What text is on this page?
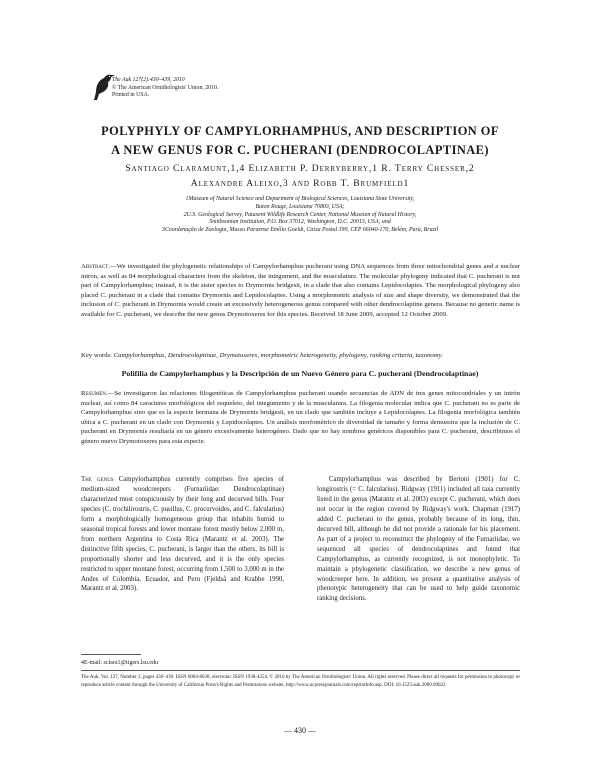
The Auk 127(2):430–439, 2010
© The American Ornithologists' Union, 2010.
Printed in USA.
POLYPHYLY OF CAMPYLORHAMPHUS, AND DESCRIPTION OF
A NEW GENUS FOR C. PUCHERANI (DENDROCOLAPTINAE)
Santiago Claramunt,1,4 Elizabeth P. Derryberry,1 R. Terry Chesser,2
Alexandre Aleixo,3 and Robb T. Brumfield1
1Museum of Natural Science and Department of Biological Sciences, Louisiana State University,
Baton Rouge, Louisiana 70803, USA;
2U.S. Geological Survey, Patuxent Wildlife Research Center, National Museum of Natural History,
Smithsonian Institution, P.O. Box 37012, Washington, D.C. 20013, USA; and
3Coordenação de Zoologia, Museu Paraense Emílio Goeldi, Caixa Postal 399, CEP 66040-170, Belém, Pará, Brazil
Abstract.—We investigated the phylogenetic relationships of Campylorhamphus pucherani using DNA sequences from three mitochondrial genes and a nuclear intron, as well as 84 morphological characters from the skeleton, the integument, and the musculature. The molecular phylogeny indicated that C. pucherani is not part of Campylorhamphus; instead, it is the sister species to Drymornis bridgesii, in a clade that also contains Lepidocolaptes. The morphological phylogeny also placed C. pucherani in a clade that contains Drymornis and Lepidocolaptes. Using a morphometric analysis of size and shape diversity, we demonstrated that the inclusion of C. pucherani in Drymornis would create an excessively heterogeneous genus compared with other dendrocolaptine genera. Because no generic name is available for C. pucherani, we describe the new genus Drymotoxeres for this species. Received 18 June 2009, accepted 12 October 2009.
Key words: Campylorhamphus, Dendrocolaptinae, Drymotoxeres, morphometric heterogeneity, phylogeny, ranking criteria, taxonomy.
Polifilia de Campylorhamphus y la Descripción de un Nuevo Género para C. pucherani (Dendrocolaptinae)
Resumen.—Se investigaron las relaciones filogenéticas de Campylorhamphus pucherani usando secuencias de ADN de tres genes mitocondriales y un intrón nuclear, así como 84 caracteres morfológicos del esqueleto, del integumento y de la musculatura. La filogenia molecular indica que C. pucherani no es parte de Campylorhamphus sino que es la especie hermana de Drymornis bridgesii, en un clado que también incluye a Lepidocolaptes. La filogenia morfológica también ubica a C. pucherani en un clado con Drymornis y Lepidocolaptes. Un análisis morfométrico de diversidad de tamaño y forma demuestra que la inclusión de C. pucherani en Drymornis resultaría en un género excesivamente heterogéneo. Dado que no hay nombres genéricos disponibles para C. pucherani, describimos el género nuevo Drymotoxeres para esta especie.
The genus Campylorhamphus currently comprises five species of medium-sized woodcreepers (Furnariidae: Dendrocolaptinae) characterized most conspicuously by their long and decurved bills. Four species (C. trochilirostris, C. pusillus, C. procurvoides, and C. falcularius) form a morphologically homogeneous group that inhabits humid to seasonal tropical forests and lower montane forest mostly below 2,000 m, from northern Argentina to Costa Rica (Marantz et al. 2003). The distinctive fifth species, C. pucherani, is larger than the others, its bill is proportionally shorter and less decurved, and it is the only species restricted to upper montane forest, occurring from 1,500 to 3,000 m in the Andes of Colombia, Ecuador, and Peru (Fjeldså and Krabbe 1990, Marantz et al. 2003).
Campylorhamphus was described by Bertoni (1901) for C. longirostris (= C. falcularius). Ridgway (1911) included all taxa currently listed in the genus (Marantz et al. 2003) except C. pucherani, which does not occur in the region covered by Ridgway's work. Chapman (1917) added C. pucherani to the genus, probably because of its long, thin, decurved bill, although he did not provide a rationale for his placement. As part of a project to reconstruct the phylogeny of the Furnariidae, we sequenced all species of dendrocolaptines and found that Campylorhamphus, as currently recognized, is not monophyletic. To maintain a phylogenetic classification, we describe a new genus of woodcreeper here. In addition, we present a quantitative analysis of phenotypic heterogeneity that can be used to help guide taxonomic ranking decisions.
4E-mail: sclara1@tigers.lsu.edu
The Auk, Vol. 127, Number 2, pages 430–439. ISSN 0004-8038, electronic ISSN 1938-4254. © 2010 by The American Ornithologists' Union. All rights reserved. Please direct all requests for permission to photocopy or reproduce article content through the University of California Press's Rights and Permissions website, http://www.ucpressjournals.com/reprintInfo.asp. DOI: 10.1525/auk.2009.09022
— 430 —
